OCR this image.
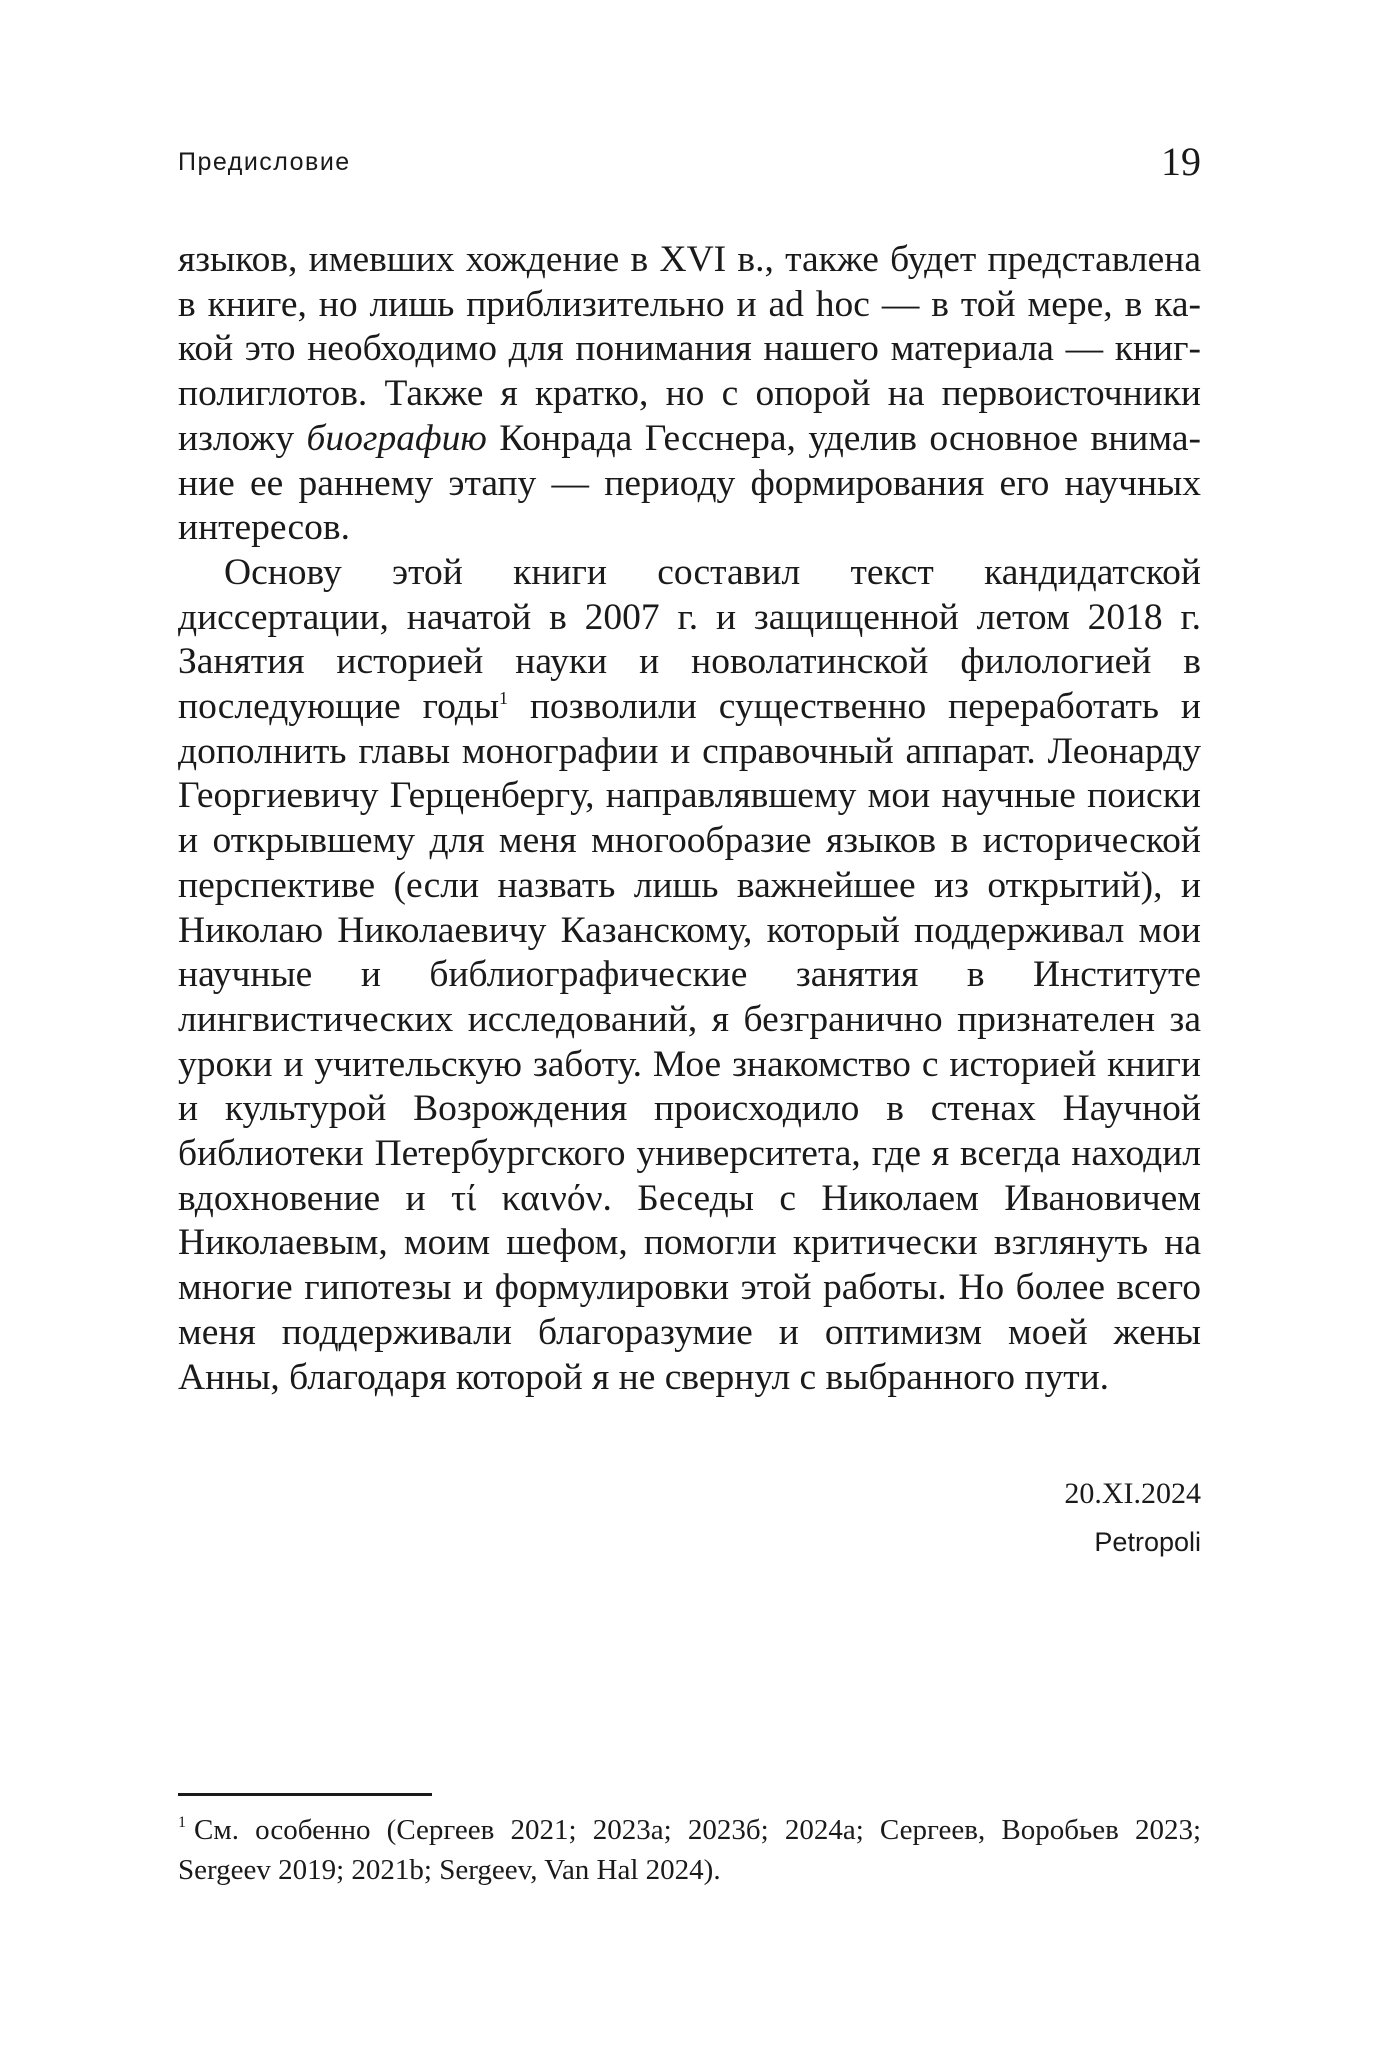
Предисловие	19

языков, имевших хождение в XVI в., также будет представлена в книге, но лишь приблизительно и ad hoc — в той мере, в какой это необходимо для понимания нашего материала — книг-полиглотов. Также я кратко, но с опорой на первоисточники изложу биографию Конрада Гесснера, уделив основное внимание ее раннему этапу — периоду формирования его научных интересов.

Основу этой книги составил текст кандидатской диссертации, начатой в 2007 г. и защищенной летом 2018 г. Занятия историей науки и новолатинской филологией в последующие годы$^1$ позволили существенно переработать и дополнить главы монографии и справочный аппарат. Леонарду Георгиевичу Герценбергу, направлявшему мои научные поиски и открывшему для меня многообразие языков в исторической перспективе (если назвать лишь важнейшее из открытий), и Николаю Николаевичу Казанскому, который поддерживал мои научные и библиографические занятия в Институте лингвистических исследований, я безгранично признателен за уроки и учительскую заботу. Мое знакомство с историей книги и культурой Возрождения происходило в стенах Научной библиотеки Петербургского университета, где я всегда находил вдохновение и τί καινόν. Беседы с Николаем Ивановичем Николаевым, моим шефом, помогли критически взглянуть на многие гипотезы и формулировки этой работы. Но более всего меня поддерживали благоразумие и оптимизм моей жены Анны, благодаря которой я не свернул с выбранного пути.

20.XI.2024
Petropoli
$^1$ См. особенно (Сергеев 2021; 2023а; 2023б; 2024а; Сергеев, Воробьев 2023; Sergeev 2019; 2021b; Sergeev, Van Hal 2024).
